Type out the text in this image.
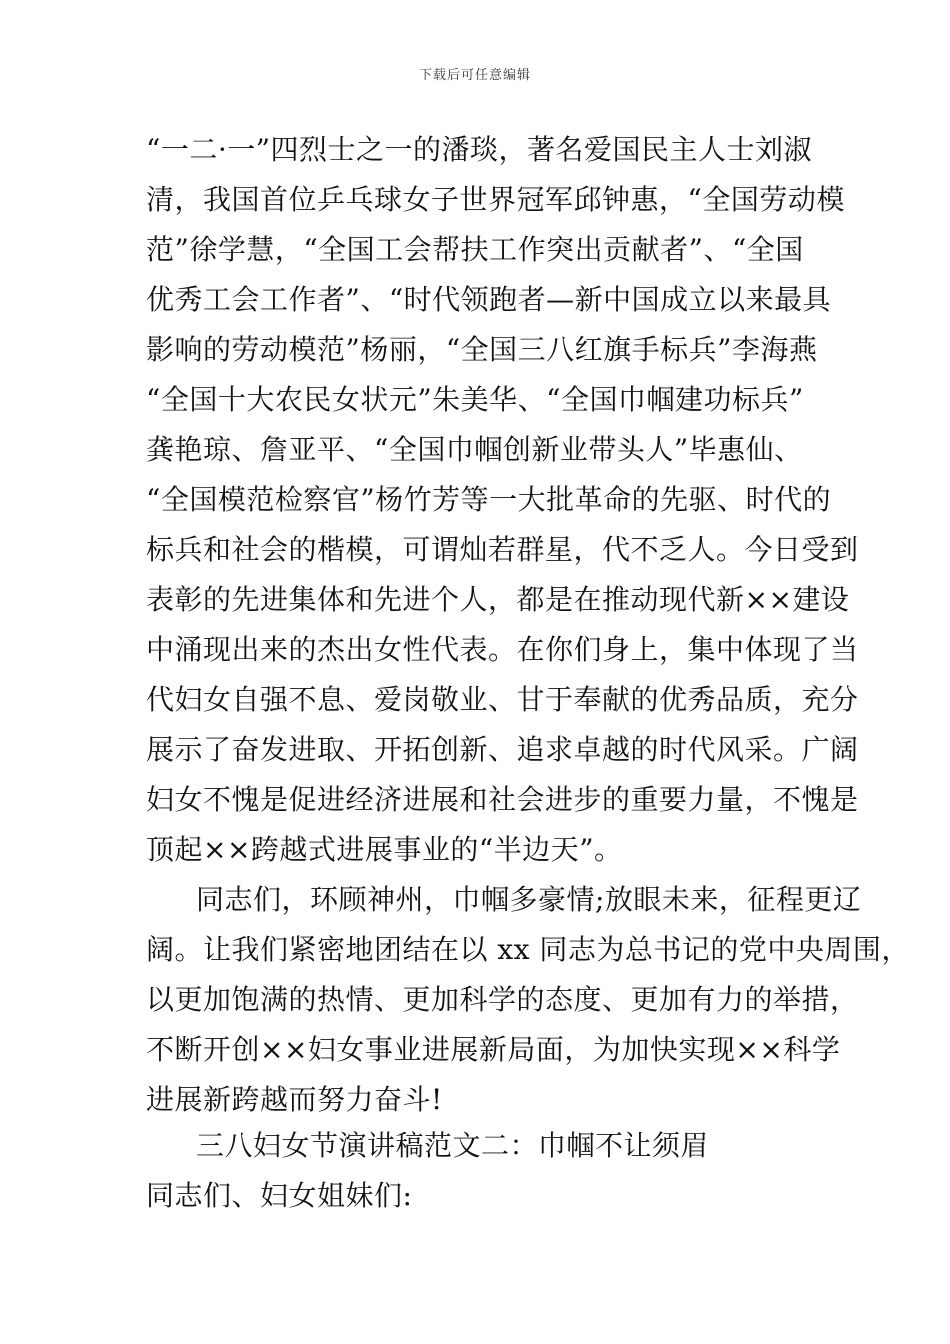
下载后可任意编辑
“一二·一”四烈士之一的潘琰，著名爱国民主人士刘淑
清，我国首位乒乓球女子世界冠军邱钟惠，“全国劳动模
范”徐学慧，“全国工会帮扶工作突出贡献者”、“全国
优秀工会工作者”、“时代领跑者—新中国成立以来最具
影响的劳动模范”杨丽，“全国三八红旗手标兵”李海燕
“全国十大农民女状元”朱美华、“全国巾帼建功标兵”
龚艳琼、詹亚平、“全国巾帼创新业带头人”毕惠仙、
“全国模范检察官”杨竹芳等一大批革命的先驱、时代的
标兵和社会的楷模，可谓灿若群星，代不乏人。今日受到
表彰的先进集体和先进个人，都是在推动现代新××建设
中涌现出来的杰出女性代表。在你们身上，集中体现了当
代妇女自强不息、爱岗敬业、甘于奉献的优秀品质，充分
展示了奋发进取、开拓创新、追求卓越的时代风采。广阔
妇女不愧是促进经济进展和社会进步的重要力量，不愧是
顶起××跨越式进展事业的“半边天”。
同志们，环顾神州，巾帼多豪情;放眼未来，征程更辽
阔。让我们紧密地团结在以 xx 同志为总书记的党中央周围，
以更加饱满的热情、更加科学的态度、更加有力的举措，
不断开创××妇女事业进展新局面，为加快实现××科学
进展新跨越而努力奋斗!
三八妇女节演讲稿范文二：巾帼不让须眉
同志们、妇女姐妹们:
